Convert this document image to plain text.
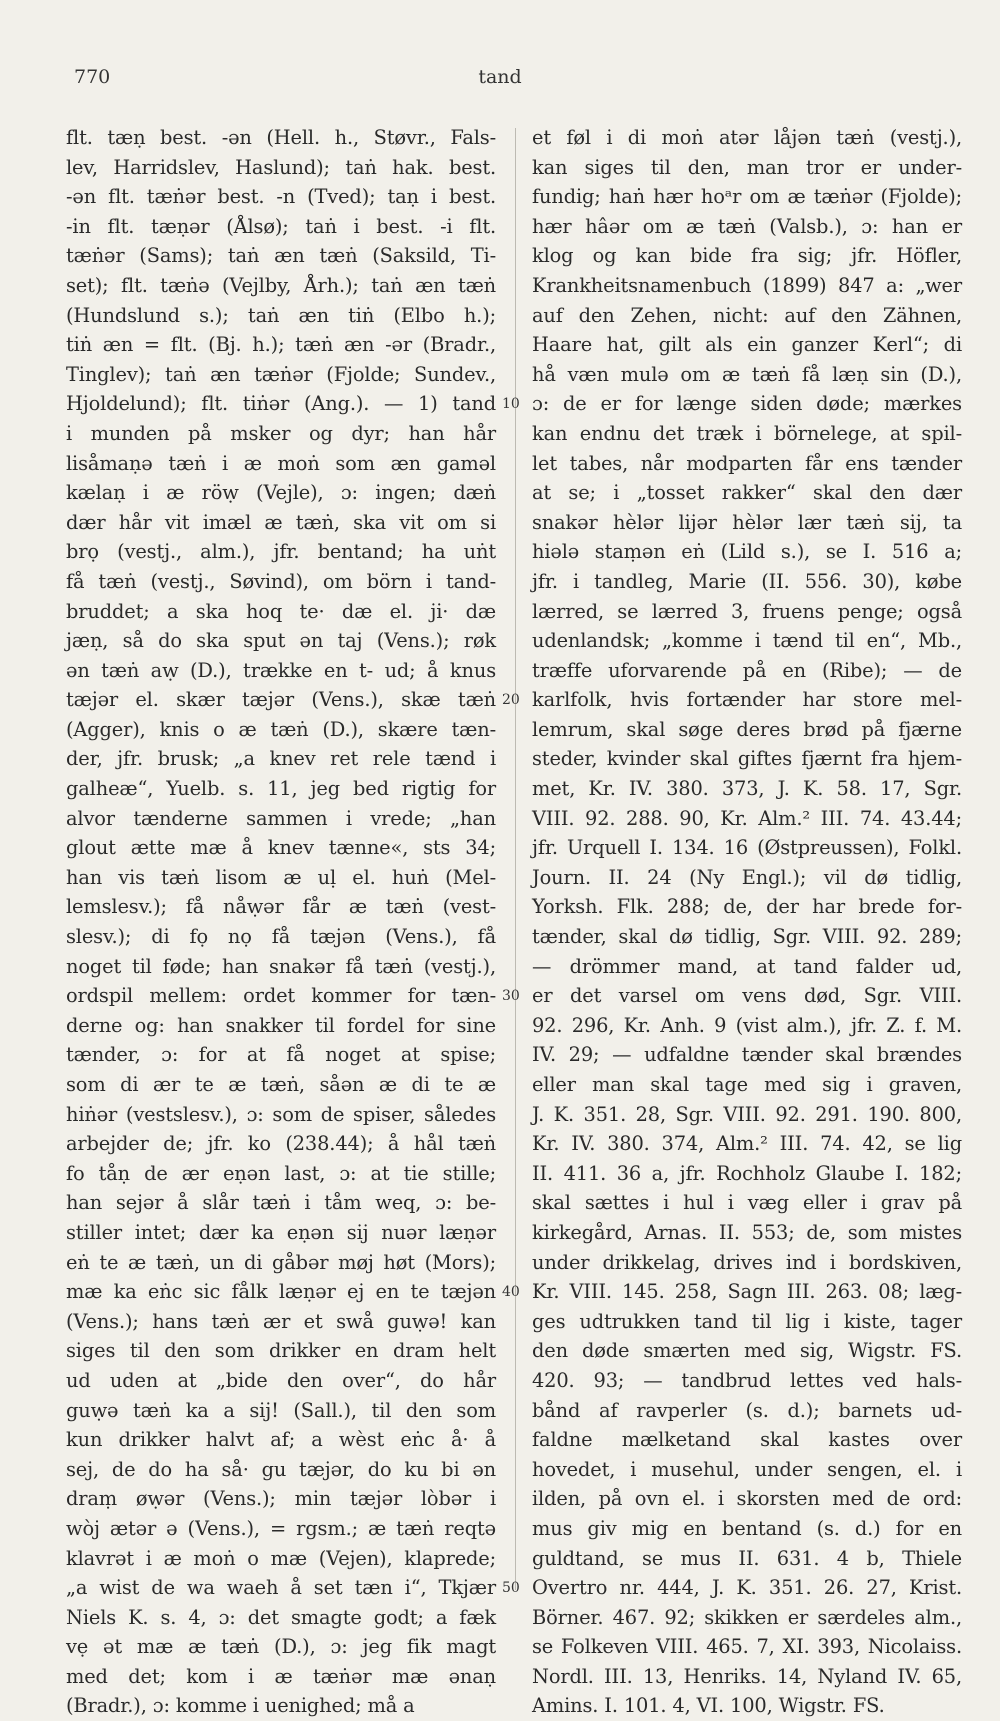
770	tand
flt. tæṇ best. -ən (Hell. h., Støvr., Fals-
lev, Harridslev, Haslund); taṅ hak. best.
-ən flt. tæṅər best. -n (Tved); taṇ i best.
-in flt. tæṇər (Ålsø); taṅ i best. -i flt.
tæṅər (Sams); taṅ æn tæṅ (Saksild, Ti-
set); flt. tæṅə (Vejlby, Årh.); taṅ æn tæṅ
(Hundslund s.); taṅ æn tiṅ (Elbo h.);
tiṅ æn = flt. (Bj. h.); tæṅ æn -ər (Bradr.,
Tinglev); taṅ æn tæṅər (Fjolde; Sundev.,
Hjoldelund); flt. tiṅər (Ang.). — 1) tand
i munden på msker og dyr; han hår
lisåmaṇə tæṅ i æ moṅ som æn gaməl
kælaṇ i æ röẉ (Vejle), ɔ: ingen; dæṅ
dær hår vit imæl æ tæṅ, ska vit om si
brọ (vestj., alm.), jfr. bentand; ha uṅt
få tæṅ (vestj., Søvind), om börn i tand-
bruddet; a ska hoq te· dæ el. ji· dæ
jæṇ, så do ska sput ən taj (Vens.); røk
ən tæṅ aẉ (D.), trække en t- ud; å knus
tæjər el. skær tæjər (Vens.), skæ tæṅ
(Agger), knis o æ tæṅ (D.), skære tæn-
der, jfr. brusk; „a knev ret rele tænd i
galheæ“, Yuelb. s. 11, jeg bed rigtig for
alvor tænderne sammen i vrede; „han
glout ætte mæ å knev tænne«, sts 34;
han vis tæṅ lisom æ uḷ el. huṅ (Mel-
lemslesv.); få nåẉər får æ tæṅ (vest-
slesv.); di fọ nọ få tæjən (Vens.), få
noget til føde; han snakər få tæṅ (vestj.),
ordspil mellem: ordet kommer for tæn-
derne og: han snakker til fordel for sine
tænder, ɔ: for at få noget at spise;
som di ær te æ tæṅ, såən æ di te æ
hiṅər (vestslesv.), ɔ: som de spiser, således
arbejder de; jfr. ko (238.44); å hål tæṅ
fo tåṇ de ær eṇən last, ɔ: at tie stille;
han sejər å slår tæṅ i tåm weq, ɔ: be-
stiller intet; dær ka eṇən sij nuər læṇər
eṅ te æ tæṅ, un di gåbər møj høt (Mors);
mæ ka eṅc sic fålk læṇər ej en te tæjən
(Vens.); hans tæṅ ær et swå guẉə! kan
siges til den som drikker en dram helt
ud uden at „bide den over“, do hår
guẉə tæṅ ka a sij! (Sall.), til den som
kun drikker halvt af; a wèst eṅc å· å
sej, de do ha så· gu tæjər, do ku bi ən
draṃ øẉər (Vens.); min tæjər lòbər i
wòj ætər ə (Vens.), = rgsm.; æ tæṅ reqtə
klavrət i æ moṅ o mæ (Vejen), klaprede;
„a wist de wa waeh å set tæn i“, Tkjær
Niels K. s. 4, ɔ: det smagte godt; a fæk
vẹ ət mæ æ tæṅ (D.), ɔ: jeg fik magt
med det; kom i æ tæṅər mæ ənaṇ
(Bradr.), ɔ: komme i uenighed; må a
et føl i di moṅ atər låjən tæṅ (vestj.),
kan siges til den, man tror er under-
fundig; haṅ hær hoᵃr om æ tæṅər (Fjolde);
hær hâər om æ tæṅ (Valsb.), ɔ: han er
klog og kan bide fra sig; jfr. Höfler,
Krankheitsnamenbuch (1899) 847 a: „wer
auf den Zehen, nicht: auf den Zähnen,
Haare hat, gilt als ein ganzer Kerl“; di
hå væn mulə om æ tæṅ få læṇ sin (D.),
ɔ: de er for længe siden døde; mærkes
kan endnu det træk i börnelege, at spil-
let tabes, når modparten får ens tænder
at se; i „tosset rakker“ skal den dær
snakər hèlər lijər hèlər lær tæṅ sij, ta
hiələ staṃən eṅ (Lild s.), se I. 516 a;
jfr. i tandleg, Marie (II. 556. 30), købe
lærred, se lærred 3, fruens penge; også
udenlandsk; „komme i tænd til en“, Mb.,
træffe uforvarende på en (Ribe); — de
karlfolk, hvis fortænder har store mel-
lemrum, skal søge deres brød på fjærne
steder, kvinder skal giftes fjærnt fra hjem-
met, Kr. IV. 380. 373, J. K. 58. 17, Sgr.
VIII. 92. 288. 90, Kr. Alm.² III. 74. 43.44;
jfr. Urquell I. 134. 16 (Østpreussen), Folkl.
Journ. II. 24 (Ny Engl.); vil dø tidlig,
Yorksh. Flk. 288; de, der har brede for-
tænder, skal dø tidlig, Sgr. VIII. 92. 289;
— drömmer mand, at tand falder ud,
er det varsel om vens død, Sgr. VIII.
92. 296, Kr. Anh. 9 (vist alm.), jfr. Z. f. M.
IV. 29; — udfaldne tænder skal brændes
eller man skal tage med sig i graven,
J. K. 351. 28, Sgr. VIII. 92. 291. 190. 800,
Kr. IV. 380. 374, Alm.² III. 74. 42, se lig
II. 411. 36 a, jfr. Rochholz Glaube I. 182;
skal sættes i hul i væg eller i grav på
kirkegård, Arnas. II. 553; de, som mistes
under drikkelag, drives ind i bordskiven,
Kr. VIII. 145. 258, Sagn III. 263. 08; læg-
ges udtrukken tand til lig i kiste, tager
den døde smærten med sig, Wigstr. FS.
420. 93; — tandbrud lettes ved hals-
bånd af ravperler (s. d.); barnets ud-
faldne mælketand skal kastes over
hovedet, i musehul, under sengen, el. i
ilden, på ovn el. i skorsten med de ord:
mus giv mig en bentand (s. d.) for en
guldtand, se mus II. 631. 4 b, Thiele
Overtro nr. 444, J. K. 351. 26. 27, Krist.
Börner. 467. 92; skikken er særdeles alm.,
se Folkeven VIII. 465. 7, XI. 393, Nicolaiss.
Nordl. III. 13, Henriks. 14, Nyland IV. 65,
Amins. I. 101. 4, VI. 100, Wigstr. FS.
10
20
30
40
50
